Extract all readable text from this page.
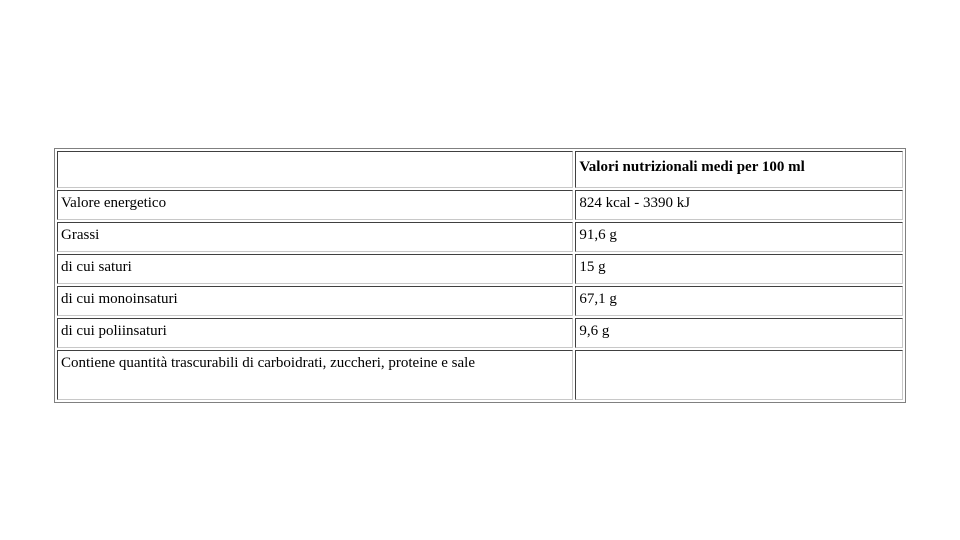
	Valori nutrizionali medi per 100 ml
Valore energetico	824 kcal - 3390 kJ
Grassi	91,6 g
di cui saturi	15 g
di cui monoinsaturi	67,1 g
di cui poliinsaturi	9,6 g
Contiene quantità trascurabili di carboidrati, zuccheri, proteine e sale	
